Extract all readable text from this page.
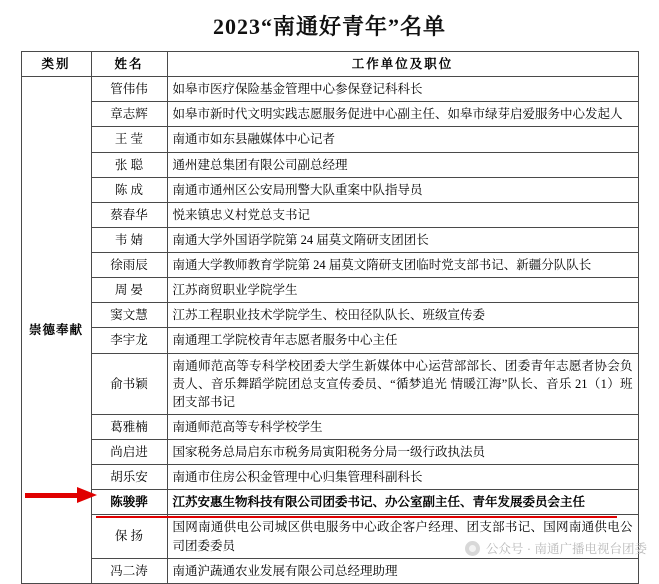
2023“南通好青年”名单
类别	姓名	工作单位及职位
崇德奉献	管伟伟	如皋市医疗保险基金管理中心参保登记科科长
	章志辉	如皋市新时代文明实践志愿服务促进中心副主任、如皋市绿芽启爱服务中心发起人
	王 莹	南通市如东县融媒体中心记者
	张 聪	通州建总集团有限公司副总经理
	陈 成	南通市通州区公安局刑警大队重案中队指导员
	蔡春华	悦来镇忠义村党总支书记
	韦 婧	南通大学外国语学院第 24 届莫文隋研支团团长
	徐雨辰	南通大学教师教育学院第 24 届莫文隋研支团临时党支部书记、新疆分队队长
	周 晏	江苏商贸职业学院学生
	窦文慧	江苏工程职业技术学院学生、校田径队队长、班级宣传委
	李宇龙	南通理工学院校青年志愿者服务中心主任
	俞书颖	南通师范高等专科学校团委大学生新媒体中心运营部部长、团委青年志愿者协会负责人、音乐舞蹈学院团总支宣传委员、“循梦追光 情暖江海”队长、音乐 21（1）班团支部书记
	葛雅楠	南通师范高等专科学校学生
	尚启进	国家税务总局启东市税务局寅阳税务分局一级行政执法员
	胡乐安	南通市住房公积金管理中心归集管理科副科长
	陈骏骅	江苏安惠生物科技有限公司团委书记、办公室副主任、青年发展委员会主任
	保 扬	国网南通供电公司城区供电服务中心政企客户经理、团支部书记、国网南通供电公司团委委员
	冯二涛	南通沪蔬通农业发展有限公司总经理助理
公众号 · 南通广播电视台团委
